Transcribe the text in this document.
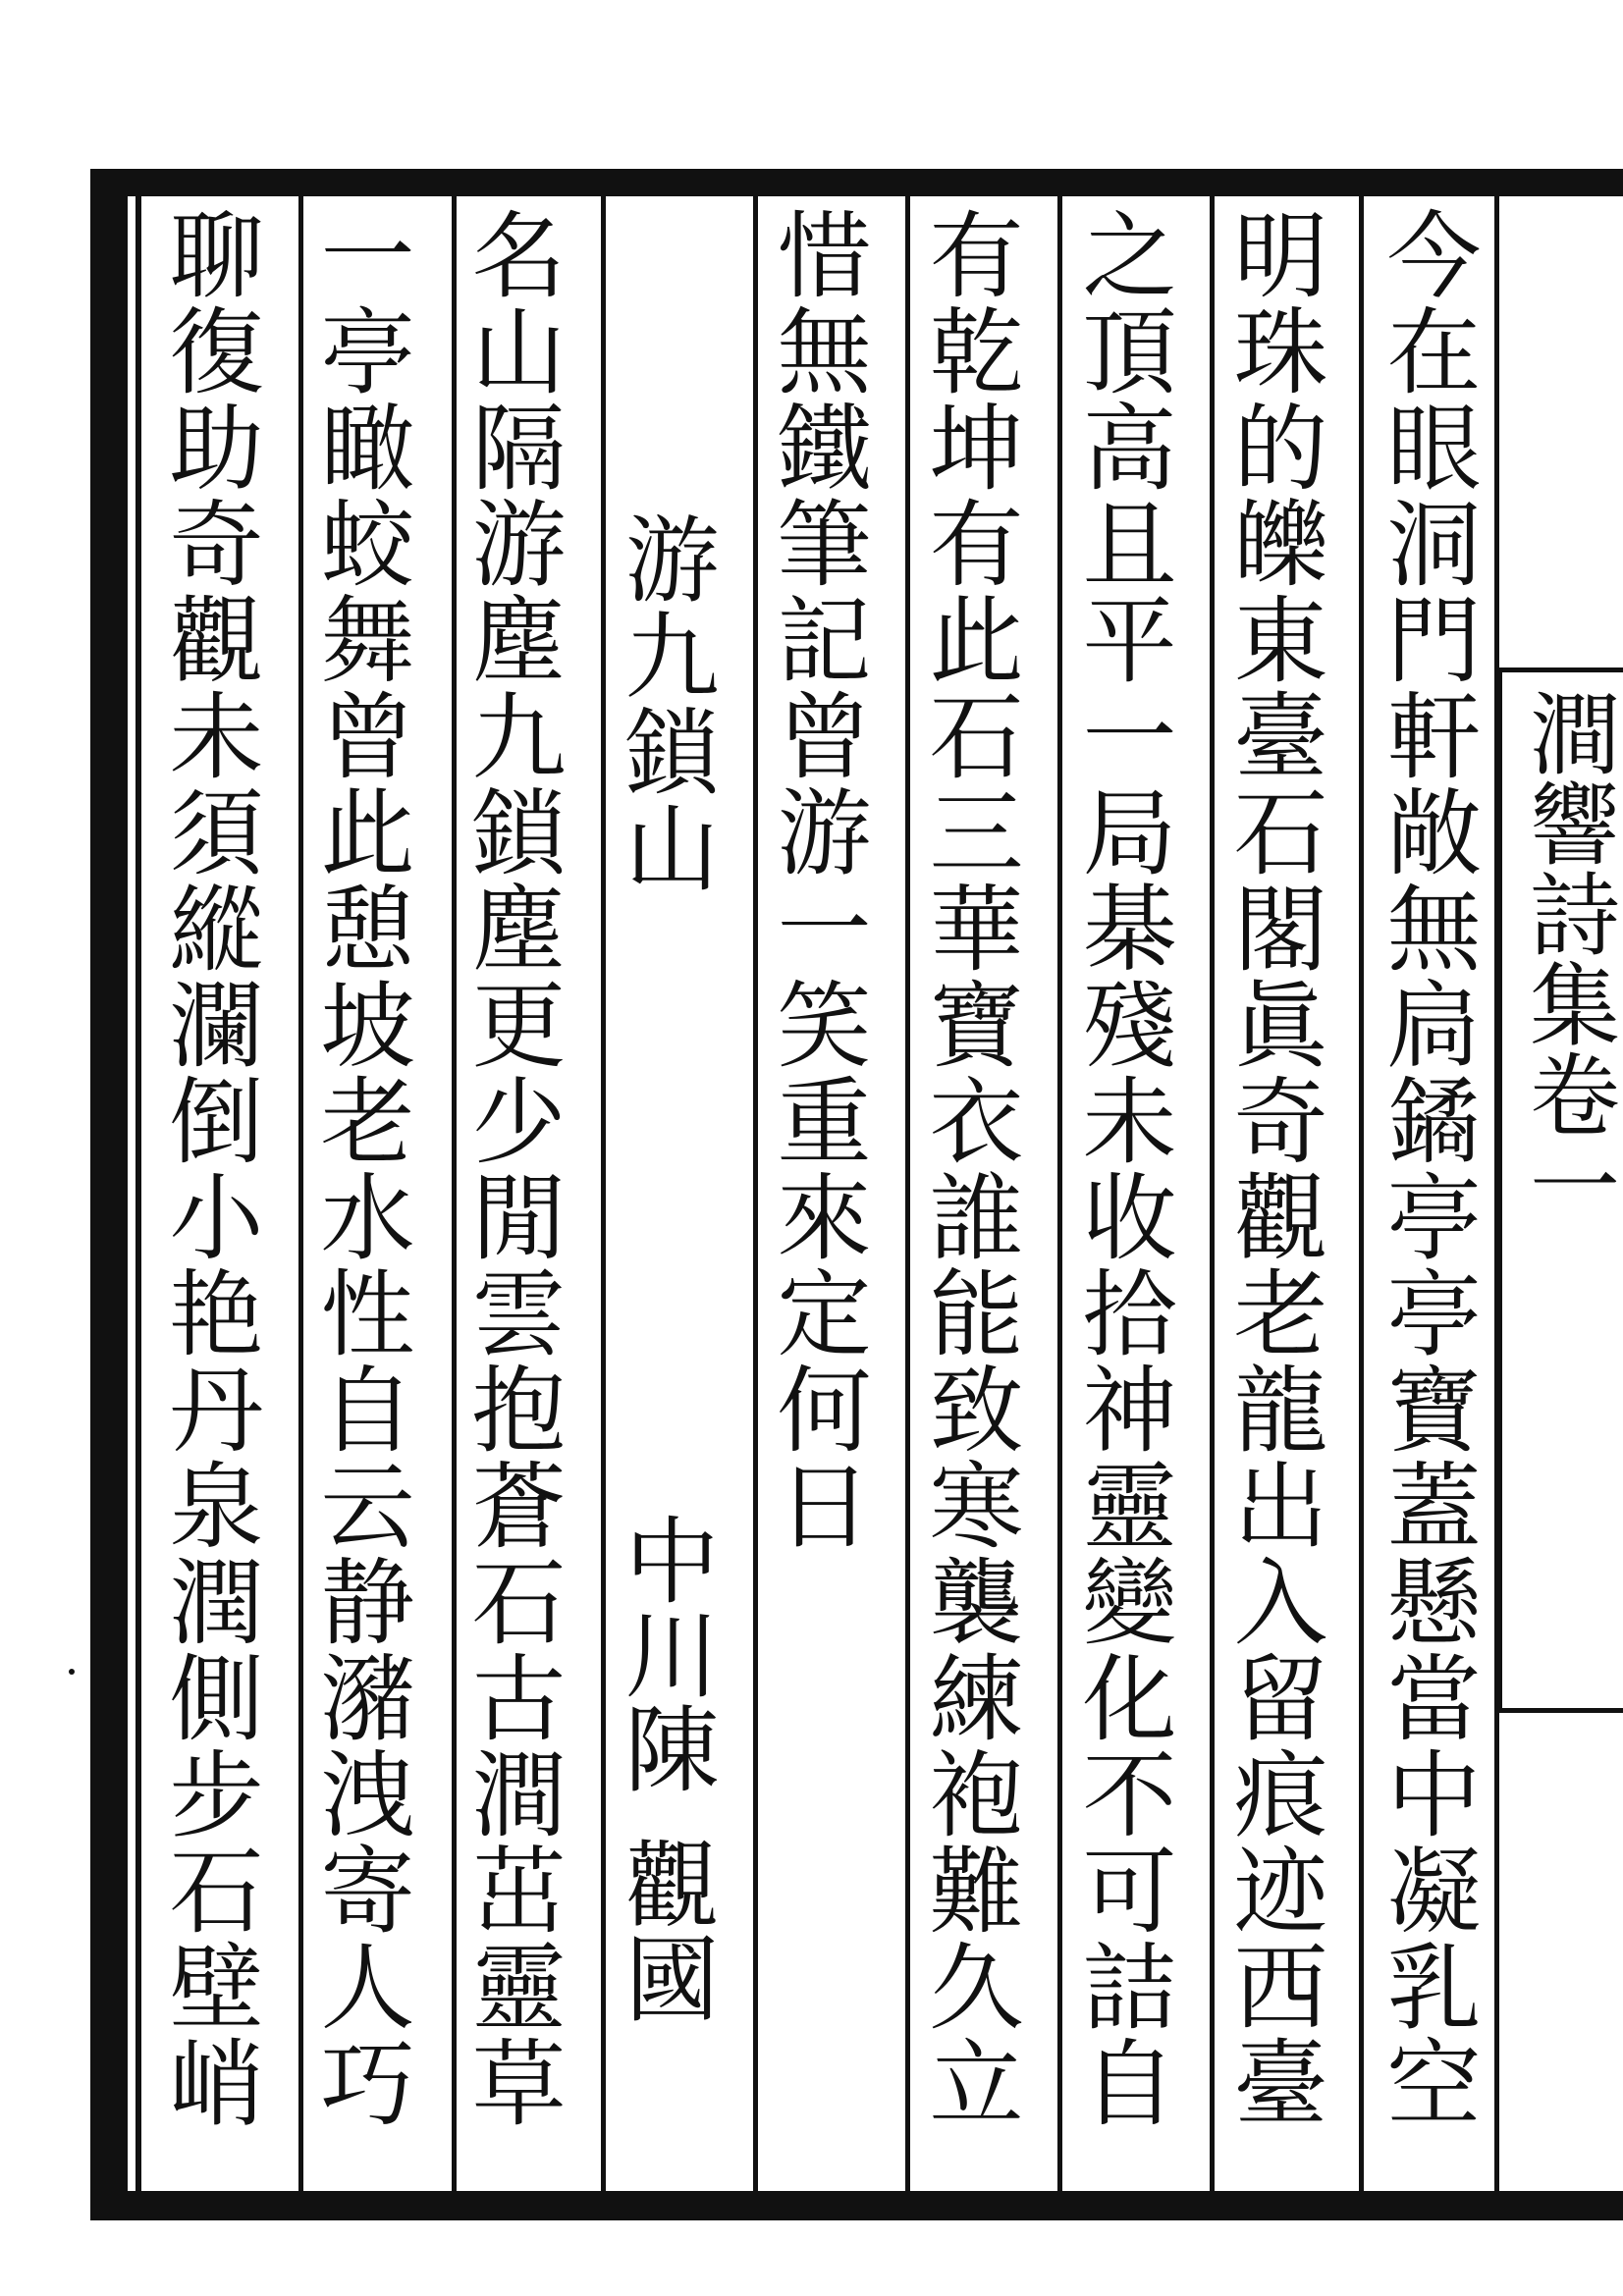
今在眼洞門軒敞無扃鐍亭亭寶蓋懸當中凝乳空
明珠的皪東臺石閣眞奇觀老龍出入留痕迹西臺
之頂高且平一局棊殘未收拾神靈變化不可詰自
有乾坤有此石三華寶衣誰能致寒襲練袍難久立
惜無鐵筆記曾游一笑重來定何日
游九鎖山
中川陳
觀國
名山隔游塵九鎖塵更少閒雲抱蒼石古澗茁靈草
一亭瞰蛟舞曾此憩坡老水性自云静瀦洩寄人巧
聊復助奇觀未須縱瀾倒小艳丹泉潤側步石壁峭	澗響詩集卷一
